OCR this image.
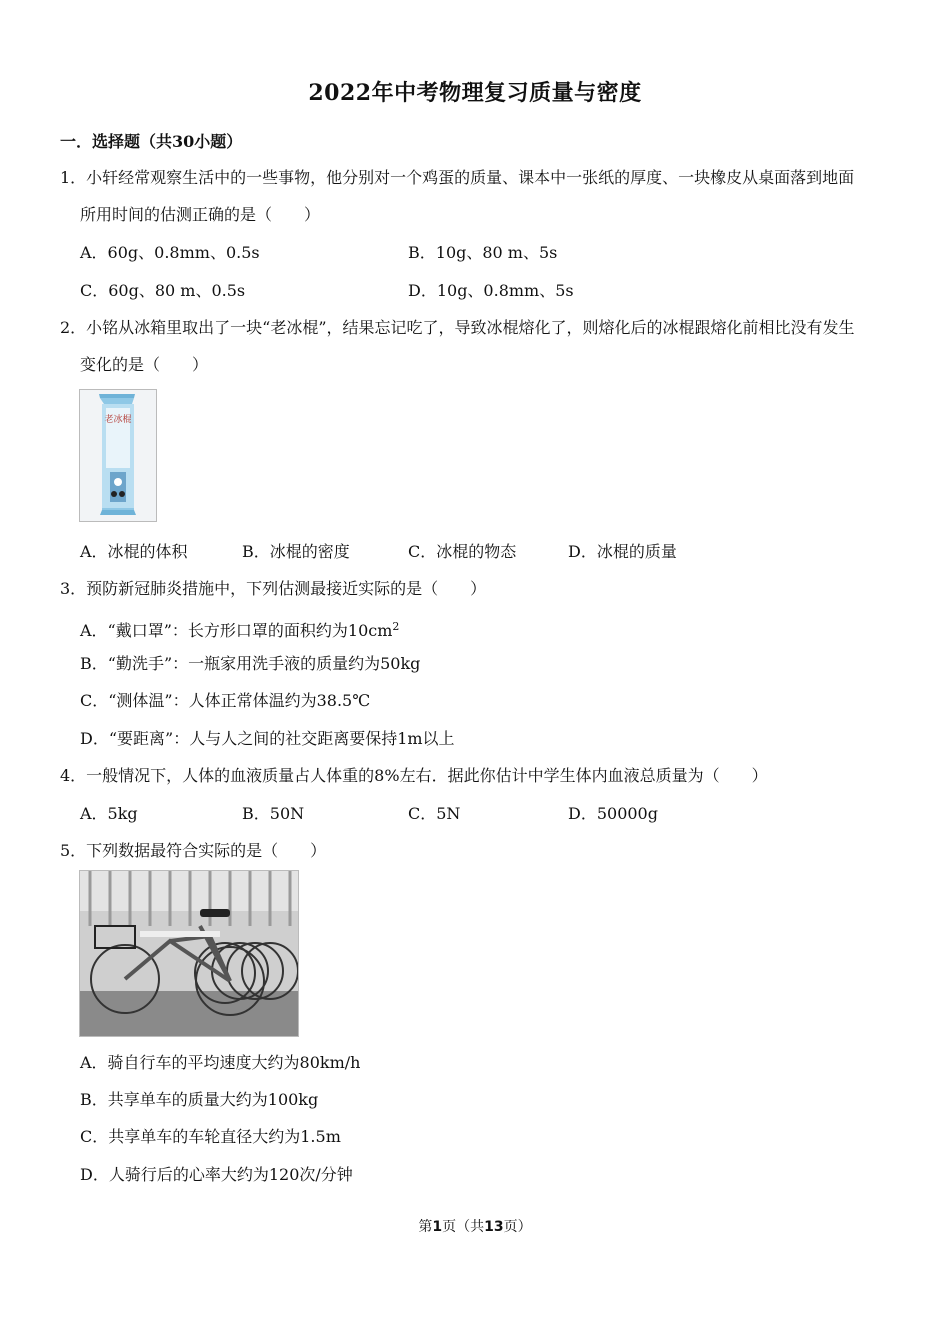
2022年中考物理复习质量与密度
一．选择题（共30小题）
1．小轩经常观察生活中的一些事物，他分别对一个鸡蛋的质量、课本中一张纸的厚度、一块橡皮从桌面落到地面
所用时间的估测正确的是（　　）
A．60g、0.8mm、0.5s	B．10g、80 m、5s
C．60g、80 m、0.5s	D．10g、0.8mm、5s
2．小铭从冰箱里取出了一块“老冰棍”，结果忘记吃了，导致冰棍熔化了，则熔化后的冰棍跟熔化前相比没有发生
变化的是（　　）
老冰棍
A．冰棍的体积	B．冰棍的密度	C．冰棍的物态	D．冰棍的质量
3．预防新冠肺炎措施中，下列估测最接近实际的是（　　）
A．“戴口罩”：长方形口罩的面积约为$10cm^2$
B．“勤洗手”：一瓶家用洗手液的质量约为50kg
C．“测体温”：人体正常体温约为38.5℃
D．“要距离”：人与人之间的社交距离要保持1m以上
4．一般情况下，人体的血液质量占人体重的8%左右．据此你估计中学生体内血液总质量为（　　）
A．5kg	B．50N	C．5N	D．50000g
5．下列数据最符合实际的是（　　）
A．骑自行车的平均速度大约为80km/h
B．共享单车的质量大约为100kg
C．共享单车的车轮直径大约为1.5m
D．人骑行后的心率大约为120次/分钟
第1页（共13页）
